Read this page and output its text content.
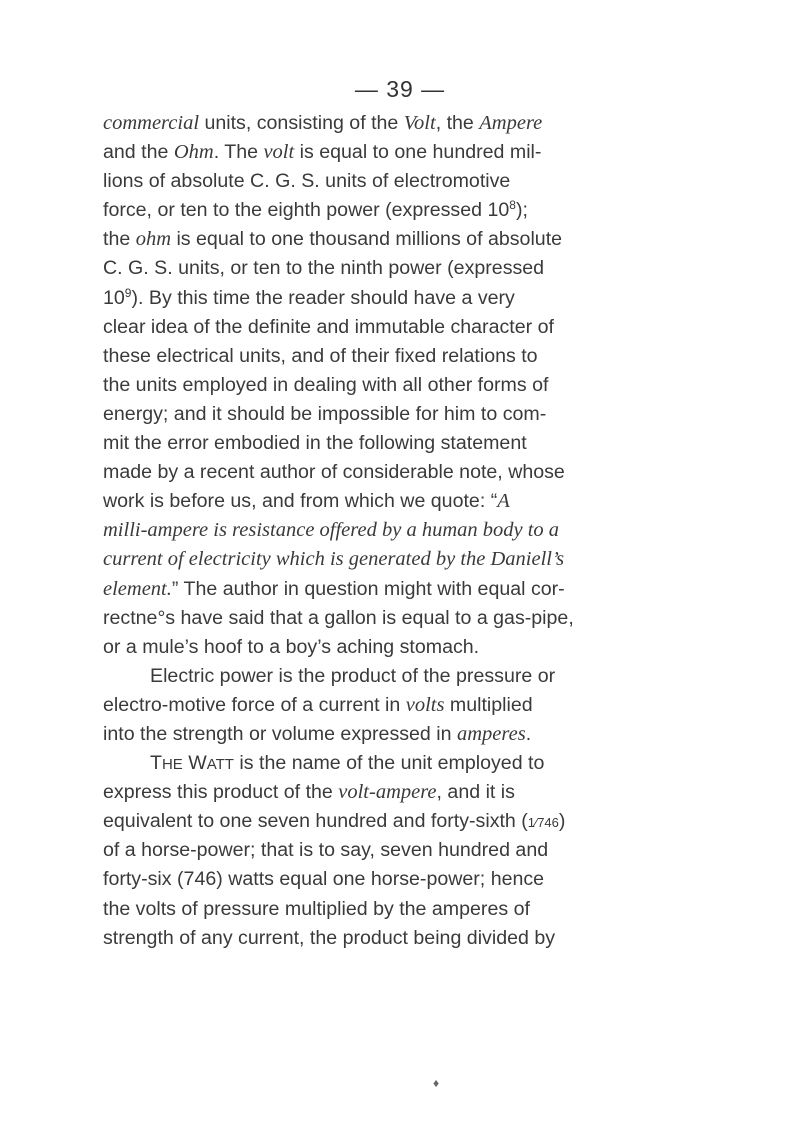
— 39 —
commercial units, consisting of the Volt, the Ampere
and the Ohm. The volt is equal to one hundred mil-
lions of absolute C. G. S. units of electromotive
force, or ten to the eighth power (expressed $10^8$);
the ohm is equal to one thousand millions of absolute
C. G. S. units, or ten to the ninth power (expressed
$10^9$). By this time the reader should have a very
clear idea of the definite and immutable character of
these electrical units, and of their fixed relations to
the units employed in dealing with all other forms of
energy; and it should be impossible for him to com-
mit the error embodied in the following statement
made by a recent author of considerable note, whose
work is before us, and from which we quote: “A
milli-ampere is resistance offered by a human body to a
current of electricity which is generated by the Daniell’s
element.” The author in question might with equal cor-
rectne°s have said that a gallon is equal to a gas-pipe,
or a mule’s hoof to a boy’s aching stomach.
Electric power is the product of the pressure or
electro-motive force of a current in volts multiplied
into the strength or volume expressed in amperes.
THE WATT is the name of the unit employed to
express this product of the volt-ampere, and it is
equivalent to one seven hundred and forty-sixth (1⁄746)
of a horse-power; that is to say, seven hundred and
forty-six (746) watts equal one horse-power; hence
the volts of pressure multiplied by the amperes of
strength of any current, the product being divided by
♦
